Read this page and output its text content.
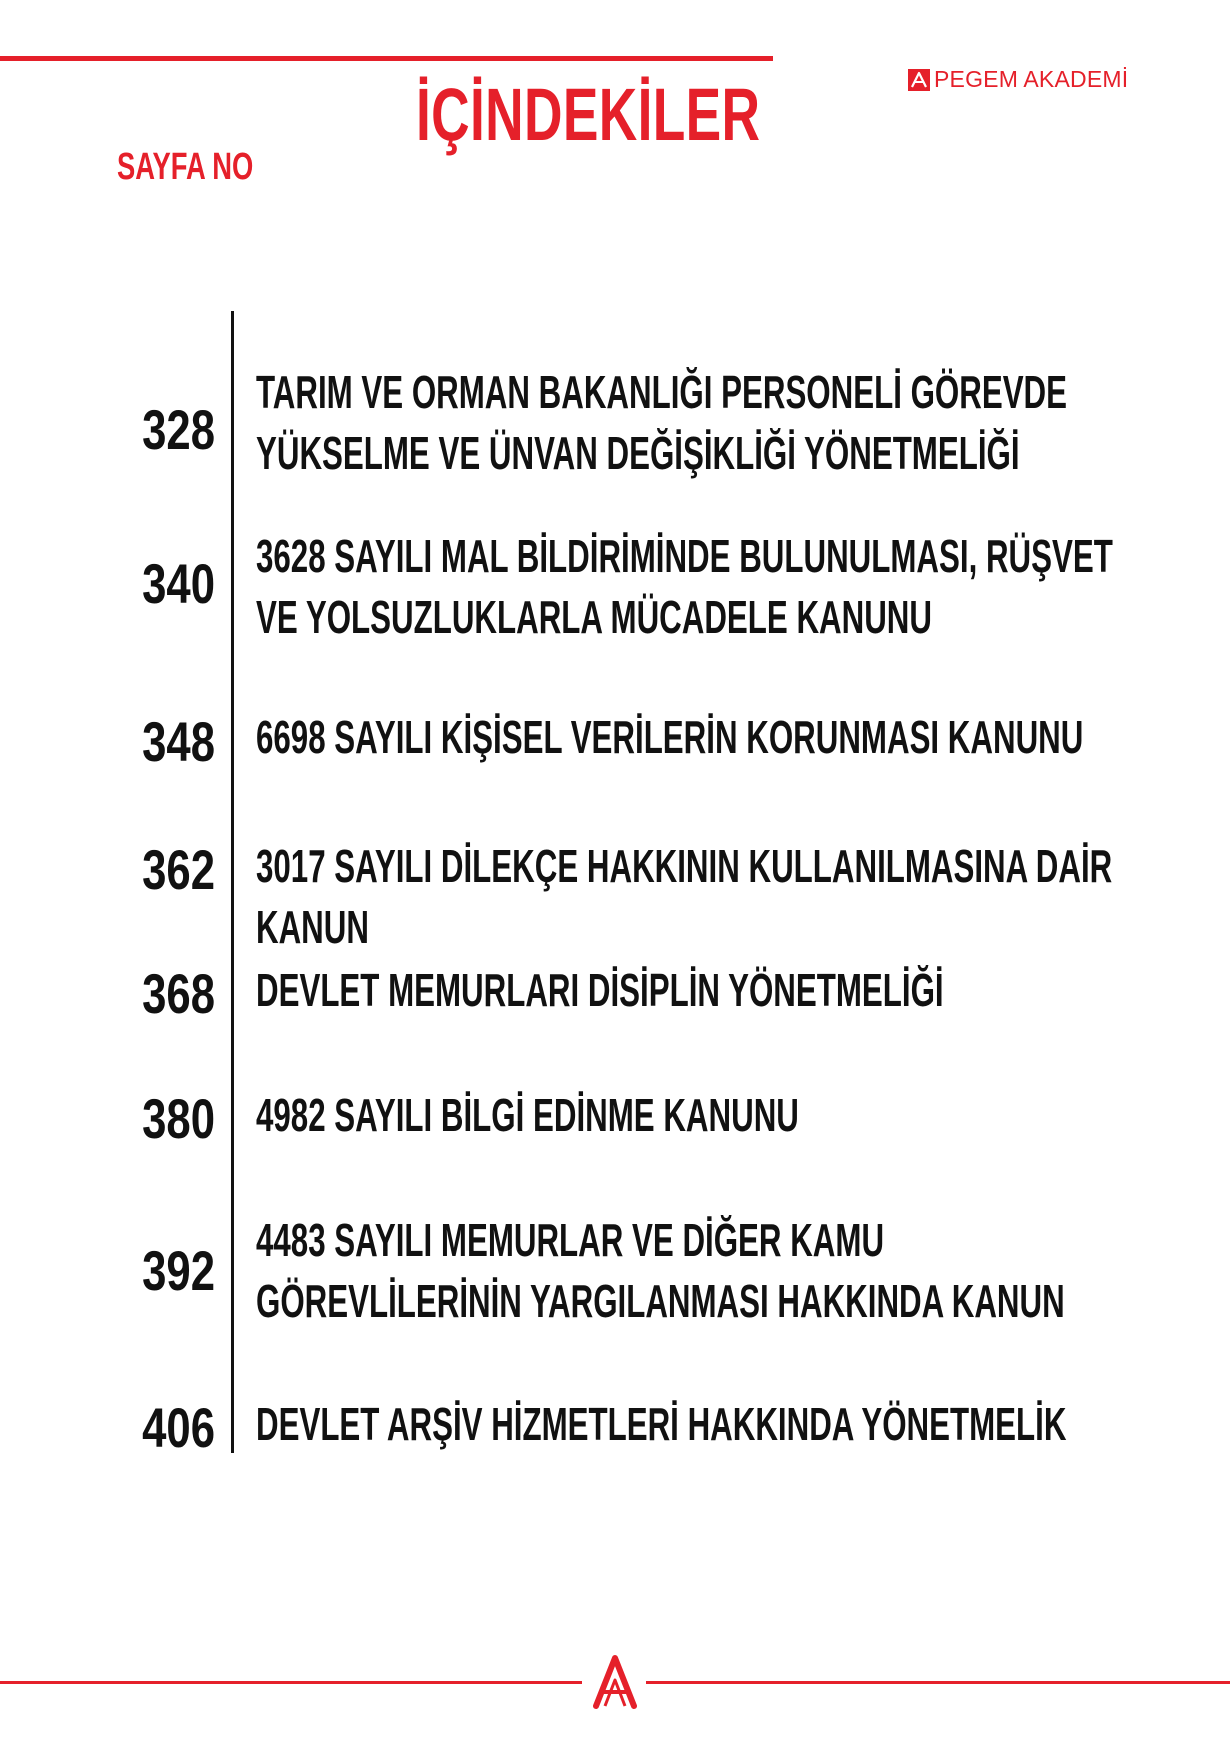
İÇİNDEKİLER
SAYFA NO
PEGEM AKADEMİ
328
TARIM VE ORMAN BAKANLIĞI PERSONELİ GÖREVDE YÜKSELME VE ÜNVAN DEĞİŞİKLİĞİ YÖNETMELİĞİ
340 3628 SAYILI MAL BİLDİRİMİNDE BULUNULMASI, RÜŞVET VE YOLSUZLUKLARLA MÜCADELE KANUNU
348 6698 SAYILI KİŞİSEL VERİLERİN KORUNMASI KANUNU
362 3017 SAYILI DİLEKÇE HAKKININ KULLANILMASINA DAİR KANUN
368 DEVLET MEMURLARI DİSİPLİN YÖNETMELİĞİ
380 4982 SAYILI BİLGİ EDİNME KANUNU
392 4483 SAYILI MEMURLAR VE DİĞER KAMU GÖREVLİLERİNİN YARGILANMASI HAKKINDA KANUN
406 DEVLET ARŞİV HİZMETLERİ HAKKINDA YÖNETMELİK
